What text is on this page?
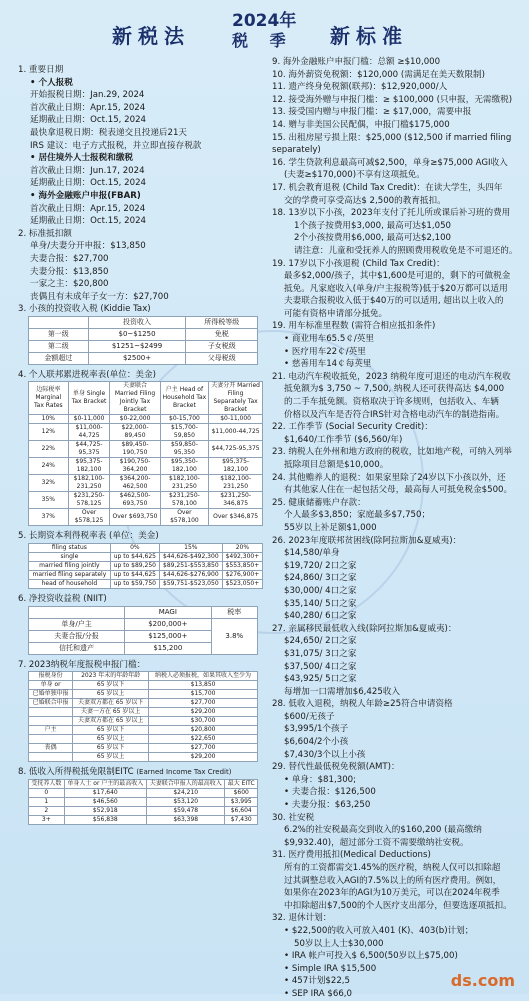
新税法
2024年
税 季 新标准
1. 重要日期
• 个人报税
开始报税日期：Jan.29, 2024
首次截止日期：Apr.15, 2024
延期截止日期：Oct.15, 2024
最快拿退税日期：税表递交且投递后21天
IRS 建议：电子方式报税，并立即直接存税款
• 居住境外人士报税和缴税
首次截止日期：Jun.17, 2024
延期截止日期：Oct.15, 2024
• 海外金融账户申报(FBAR)
首次截止日期：Apr.15, 2024
延期截止日期：Oct.15, 2024
2. 标准抵扣额
单身/夫妻分开申报：$13,850
夫妻合报：$27,700
夫妻分报：$13,850
一家之主：$20,800
丧偶且有未成年子女一方：$27,700
3. 小孩的投资收入税 (Kiddie Tax)
	投资收入	所得税等级
第一级	$0~$1250	免税
第二级	$1251~$2499	子女税级
金额超过	$2500+	父母税级
4. 个人联邦累进税率表(单位：美金)
边际税率 Marginal Tax Rates	单身 Single Tax Bracket	夫妻联合 Married Filing Jointly Tax Bracket	户主 Head of Household Tax Bracket	夫妻分开 Married Filing Separately Tax Bracket
10%	$0-11,000	$0-22,000	$0-15,700	$0-11,000
12%	$11,000-44,725	$22,000-89,450	$15,700-59,850	$11,000-44,725
22%	$44,725-95,375	$89,450-190,750	$59,850-95,350	$44,725-95,375
24%	$95,375-182,100	$190,750-364,200	$95,350-182,100	$95,375-182,100
32%	$182,100-231,250	$364,200-462,500	$182,100-231,250	$182,100-231,250
35%	$231,250-578,125	$462,500-693,750	$231,250-578,100	$231,250-346,875
37%	Over $578,125	Over $693,750	Over $578,100	Over $346,875
5. 长期资本利得税率表 (单位：美金)
filing status	0%	15%	20%
single	up to $44,625	$44,626-$492,300	$492,300+
married filing jointly	up to $89,250	$89,251-$553,850	$553,850+
married filing separately	up to $44,625	$44,626-$276,900	$276,900+
head of household	up to $59,750	$59,751-$523,050	$523,050+
6. 净投资收益税 (NIIT)
	MAGI	税率
单身/户主	$200,000+	3.8%
夫妻合报/分报	$125,000+	
信托和遗产	$15,200	
7. 2023纳税年度报税申报门槛：
报税身份	2023 年末的年龄年龄	纳税人必须报税，如果其收入至少为
单身 or	65 岁以下	$13,850
已婚单独申报	65 岁以上	$15,700
已婚联合申报	夫妻双方都在 65 岁以下	$27,700
	夫妻一方在 65 岁以上	$29,200
	夫妻双方都在 65 岁以上	$30,700
户主	65 岁以下	$20,800
	65 岁以上	$22,650
丧偶	65 岁以下	$27,700
	65 岁以上	$29,200
8. 低收入所得税抵免限制EITC (Earned Income Tax Credit)
受抚养人数	单身人士 or 户主的最高收入	夫妻联合申报人的最高收入	最大 EITC
0	$17,640	$24,210	$600
1	$46,560	$53,120	$3,995
2	$52,918	$59,478	$6,604
3+	$56,838	$63,398	$7,430
9. 海外金融账户申报门槛：总额 ≥$10,000
10. 海外薪资免税额：$120,000 (需满足在美天数限制)
11. 遗产终身免税额(联邦)：$12,920,000/人
12. 接受海外赠与申报门槛：≥ $100,000 (只申报，无需缴税)
13. 接受国内赠与申报门槛：≥ $17,000，需要申报
14. 赠与非美国公民配偶，申报门槛$175,000
15. 出租房屋亏损上限：$25,000 ($12,500 if married filing separately)
16. 学生贷款利息最高可减$2,500，单身≥$75,000 AGI收入
(夫妻≥$170,000)不享有这项抵免。
17. 机会教育退税 (Child Tax Credit)：在读大学生，头四年
交的学费可享受高达$ 2,500的教育抵扣。
18. 13岁以下小孩，2023年支付了托儿所或课后补习班的费用
1个孩子按费用$3,000, 最高可达$1,050
2个小孩按费用$6,000, 最高可达$2,100
请注意：儿童和受抚养人的照顾费用税收免是不可退还的。
19. 17岁以下小孩退税 (Child Tax Credit)：
最多$2,000/孩子，其中$1,600是可退的，剩下的可做税金
抵免。凡家庭收入(单身/户主报税等)低于$20万都可以适用
夫妻联合报税收入低于$40万的可以适用, 超出以上收入的
可能有资格申请部分抵免。
19. 用车标准里程数 (需符合相应抵扣条件)
• 商业用车65.5￠/英里
• 医疗用车22￠/英里
• 慈善用车14￠每英里
21. 电动汽车税收抵免，2023 纳税年度可退还的电动汽车税收
抵免额为$ 3,750 ~ 7,500, 纳税人还可获得高达 $4,000
的二手车抵免额。资格取决于许多规则，包括收入、车辆
价格以及汽车是否符合IRS针对合格电动汽车的制造指南。
22. 工作季节 (Social Security Credit)：
$1,640/工作季节 ($6,560/年)
23. 纳税人在外州和地方政府的税收，比如地产税，可纳入列举
抵除项目总额是$10,000。
24. 其他赡养人的退税：如果家里除了24岁以下小孩以外，还
有其他家人住在一起包括父母，最高每人可抵免税金$500。
25. 健康储蓄账户存款：
个人最多$3,850；家庭最多$7,750；
55岁以上补足额$1,000
26. 2023年度联邦贫困线(除阿拉斯加&夏威夷)：
$14,580/单身
$19,720/ 2口之家
$24,860/ 3口之家
$30,000/ 4口之家
$35,140/ 5口之家
$40,280/ 6口之家
27. 亲属移民最低收入线(除阿拉斯加&夏威夷)：
$24,650/ 2口之家
$31,075/ 3口之家
$37,500/ 4口之家
$43,925/ 5口之家
每增加一口需增加$6,425收入
28. 低收入退税，纳税人年龄≥25符合申请资格
$600/无孩子
$3,995/1个孩子
$6,604/2个小孩
$7,430/3个以上小孩
29. 替代性最低税免税额(AMT)：
• 单身：$81,300;
• 夫妻合报：$126,500
• 夫妻分报：$63,250
30. 社安税
6.2%的社安税最高交到收入的$160,200 (最高缴纳
$9,932.40)，超过部分工资不需要缴纳社安税。
31. 医疗费用抵扣(Medical Deductions)
所有的工资都需交1.45%的医疗税，纳税人仅可以扣除超
过其调整总收入AGI的7.5%以上的所有医疗费用。例如，
如果你在2023年的AGI为10万美元，可以在2024年税季
中扣除超出$7,500的个人医疗支出部分，但要选逐项抵扣。
32. 退休计划：
• $22,500的收入可放入401 (K)、403(b)计划；
50岁以上人士$30,000
• IRA 帐户可投入$ 6,500(50岁以上$75,00)
• Simple IRA $15,500
• 457计划$22,5
• SEP IRA $66,0
ds.com
